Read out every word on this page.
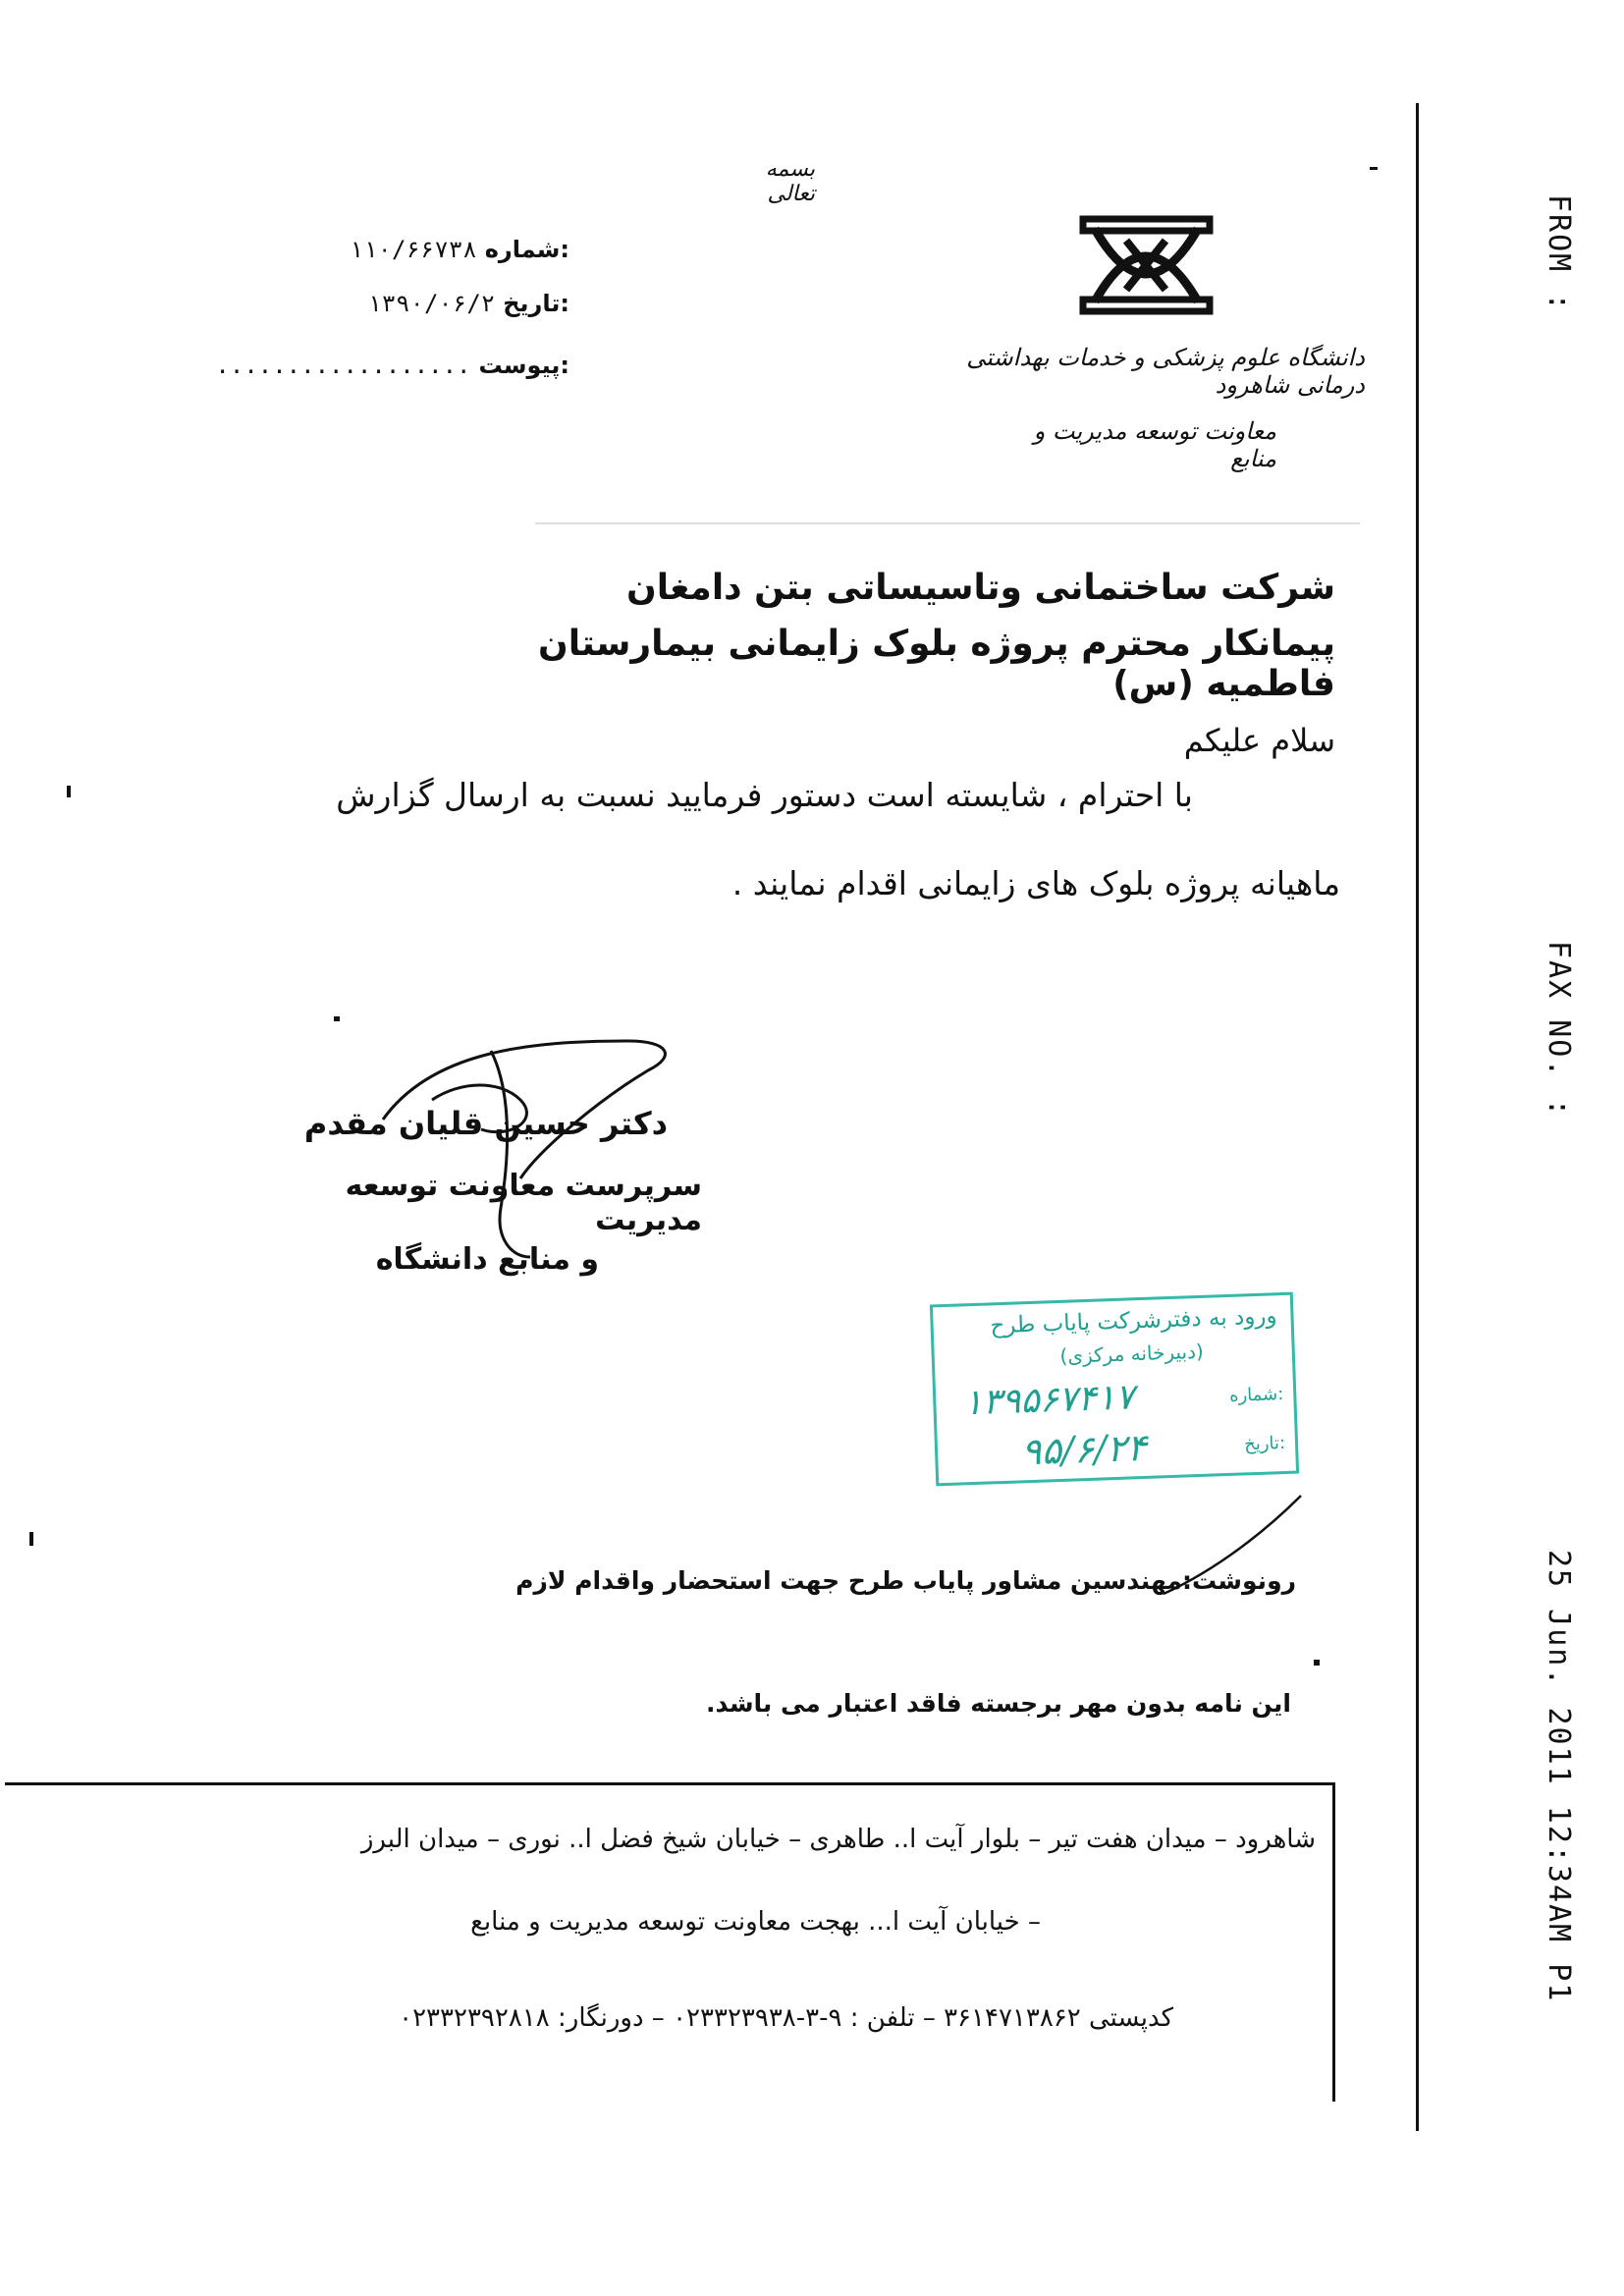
FROM :
FAX NO. :
25 Jun. 2011 12:34AM P1
بسمه تعالی
دانشگاه علوم پزشکی و خدمات بهداشتی درمانی شاهرود
معاونت توسعه مدیریت و منابع
شماره:
۱۱۰/۶۶۷۳۸
تاریخ:
۱۳۹۰/۰۶/۲
پیوست:
..................
شرکت ساختمانی وتاسیساتی بتن دامغان
پیمانکار محترم پروژه بلوک زایمانی بیمارستان فاطمیه (س)
سلام علیکم
با احترام ، شایسته است دستور فرمایید نسبت به ارسال گزارش
ماهیانه پروژه بلوک های زایمانی اقدام نمایند .
دکتر حسین قلیان مقدم
سرپرست معاونت توسعه مدیریت
و منابع دانشگاه
ورود به دفترشرکت پایاب طرح
(دبیرخانه مرکزی)
شماره:
۱۳۹۵۶۷۴۱۷
تاریخ:
۹۵/۶/۲۴
رونوشت:مهندسین مشاور پایاب طرح جهت استحضار واقدام لازم
این نامه بدون مهر برجسته فاقد اعتبار می باشد.
شاهرود – میدان هفت تیر – بلوار آیت ا.. طاهری – خیابان شیخ فضل ا.. نوری – میدان البرز
– خیابان آیت ا... بهجت معاونت توسعه مدیریت و منابع
کدپستی ۳۶۱۴۷۱۳۸۶۲ – تلفن : ۹-۳-۰۲۳۳۲۳۹۳۸ – دورنگار: ۰۲۳۳۲۳۹۲۸۱۸
